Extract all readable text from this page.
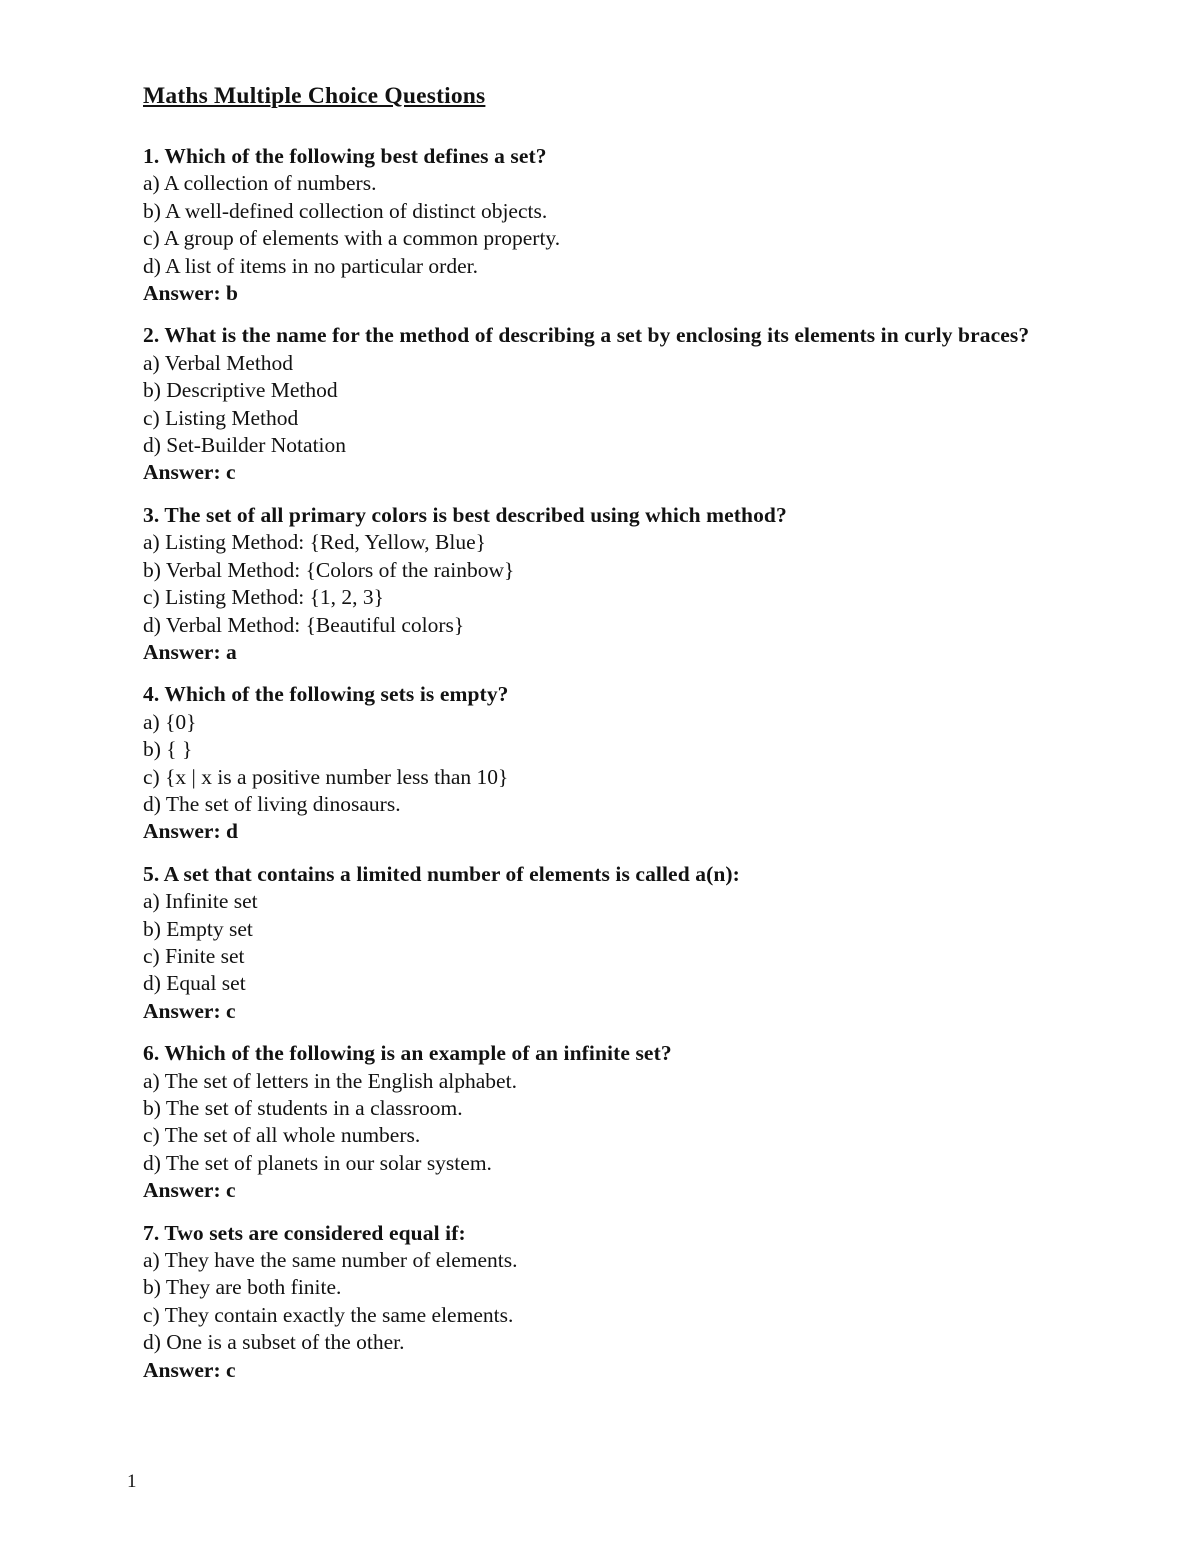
Maths Multiple Choice Questions

1. Which of the following best defines a set?

a) A collection of numbers.

b) A well-defined collection of distinct objects.

c) A group of elements with a common property.

d) A list of items in no particular order.

Answer: b

2. What is the name for the method of describing a set by enclosing its elements in curly braces?

a) Verbal Method

b) Descriptive Method

c) Listing Method

d) Set-Builder Notation

Answer: c

3. The set of all primary colors is best described using which method?

a) Listing Method: {Red, Yellow, Blue}

b) Verbal Method: {Colors of the rainbow}

c) Listing Method: {1, 2, 3}

d) Verbal Method: {Beautiful colors}

Answer: a

4. Which of the following sets is empty?

a) {0}

b) { }

c) {x | x is a positive number less than 10}

d) The set of living dinosaurs.

Answer: d

5. A set that contains a limited number of elements is called a(n):

a) Infinite set

b) Empty set

c) Finite set

d) Equal set

Answer: c

6. Which of the following is an example of an infinite set?

a) The set of letters in the English alphabet.

b) The set of students in a classroom.

c) The set of all whole numbers.

d) The set of planets in our solar system.

Answer: c

7. Two sets are considered equal if:

a) They have the same number of elements.

b) They are both finite.

c) They contain exactly the same elements.

d) One is a subset of the other.

Answer: c

1
